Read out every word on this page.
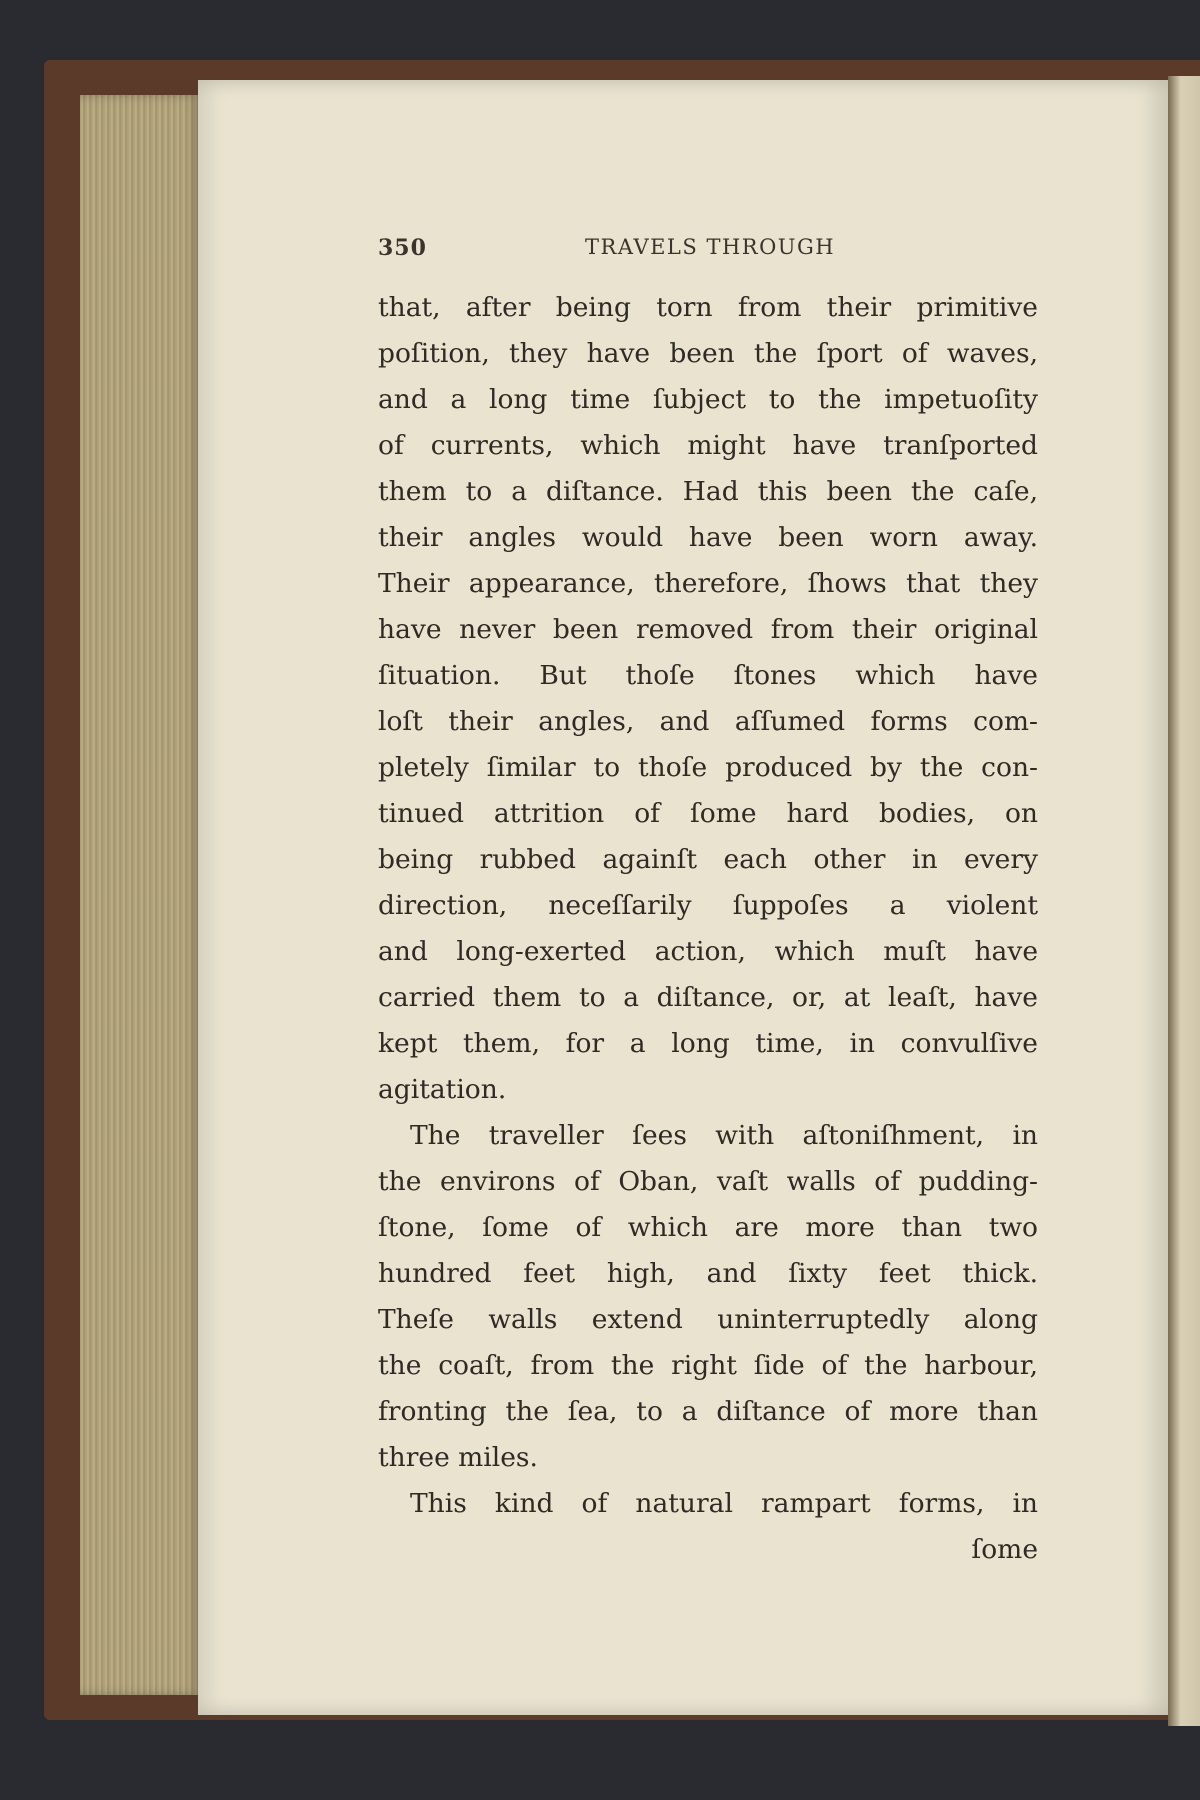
350	TRAVELS THROUGH
that, after being torn from their primitive
poſition, they have been the ſport of waves,
and a long time ſubject to the impetuoſity
of currents, which might have tranſported
them to a diſtance. Had this been the caſe,
their angles would have been worn away.
Their appearance, therefore, ſhows that they
have never been removed from their original
ſituation. But thoſe ſtones which have
loſt their angles, and aſſumed forms com-
pletely ſimilar to thoſe produced by the con-
tinued attrition of ſome hard bodies, on
being rubbed againſt each other in every
direction, neceſſarily ſuppoſes a violent
and long-exerted action, which muſt have
carried them to a diſtance, or, at leaſt, have
kept them, for a long time, in convulſive
agitation.
The traveller ſees with aſtoniſhment, in
the environs of Oban, vaſt walls of pudding-
ſtone, ſome of which are more than two
hundred feet high, and ſixty feet thick.
Theſe walls extend uninterruptedly along
the coaſt, from the right ſide of the harbour,
fronting the ſea, to a diſtance of more than
three miles.
This kind of natural rampart forms, in
ſome
